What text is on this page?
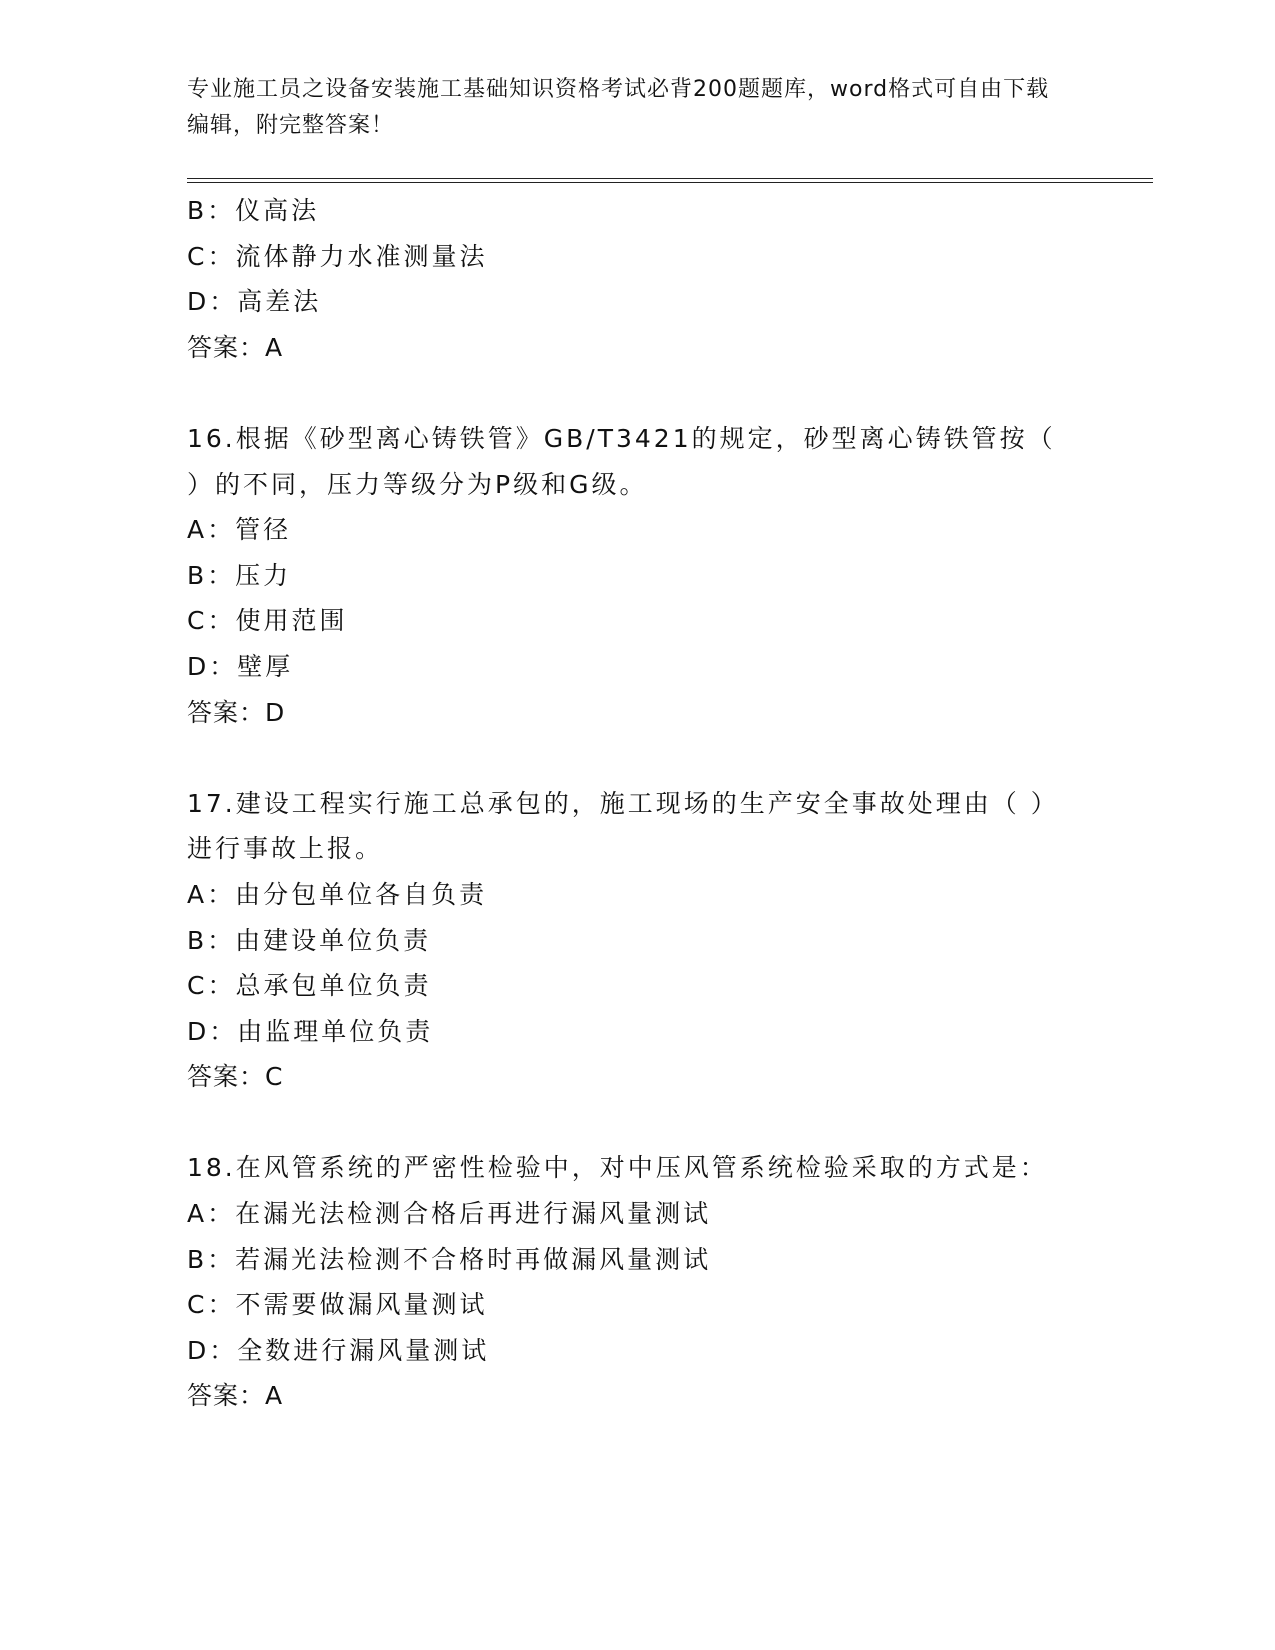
专业施工员之设备安装施工基础知识资格考试必背200题题库，word格式可自由下载编辑，附完整答案！
B：仪高法
C：流体静力水准测量法
D：高差法
答案：A
16.根据《砂型离心铸铁管》GB/T3421的规定，砂型离心铸铁管按（ ）的不同，压力等级分为P级和G级。
A：管径
B：压力
C：使用范围
D：壁厚
答案：D
17.建设工程实行施工总承包的，施工现场的生产安全事故处理由（ ）进行事故上报。
A：由分包单位各自负责
B：由建设单位负责
C：总承包单位负责
D：由监理单位负责
答案：C
18.在风管系统的严密性检验中，对中压风管系统检验采取的方式是：
A：在漏光法检测合格后再进行漏风量测试
B：若漏光法检测不合格时再做漏风量测试
C：不需要做漏风量测试
D：全数进行漏风量测试
答案：A
